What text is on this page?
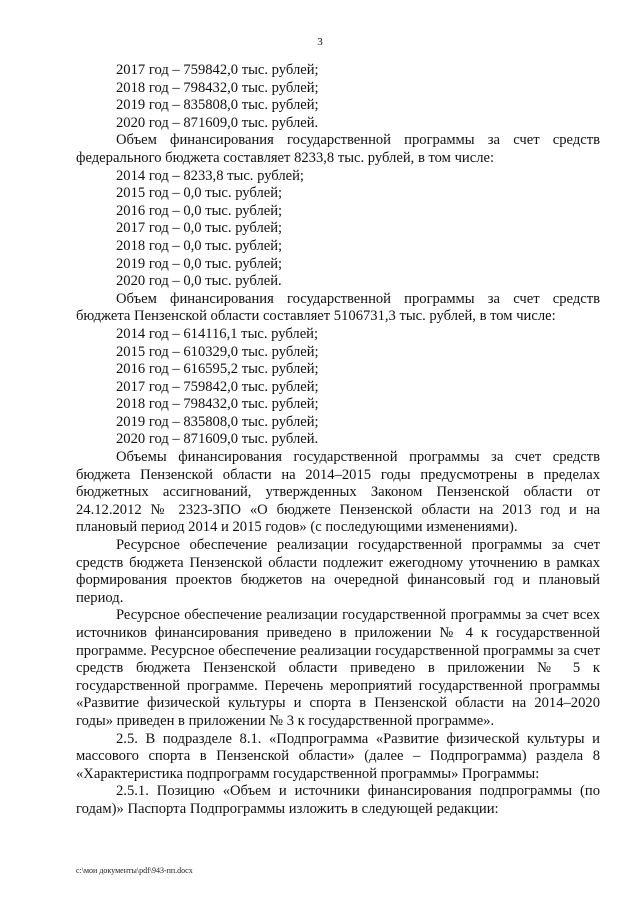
3
2017 год – 759842,0 тыс. рублей;
2018 год – 798432,0 тыс. рублей;
2019 год – 835808,0 тыс. рублей;
2020 год – 871609,0 тыс. рублей.

Объем финансирования государственной программы за счет средств федерального бюджета составляет 8233,8 тыс. рублей, в том числе:

2014 год – 8233,8 тыс. рублей;
2015 год – 0,0 тыс. рублей;
2016 год – 0,0 тыс. рублей;
2017 год – 0,0 тыс. рублей;
2018 год – 0,0 тыс. рублей;
2019 год – 0,0 тыс. рублей;
2020 год – 0,0 тыс. рублей.

Объем финансирования государственной программы за счет средств бюджета Пензенской области составляет 5106731,3 тыс. рублей, в том числе:

2014 год – 614116,1 тыс. рублей;
2015 год – 610329,0 тыс. рублей;
2016 год – 616595,2 тыс. рублей;
2017 год – 759842,0 тыс. рублей;
2018 год – 798432,0 тыс. рублей;
2019 год – 835808,0 тыс. рублей;
2020 год – 871609,0 тыс. рублей.

Объемы финансирования государственной программы за счет средств бюджета Пензенской области на 2014–2015 годы предусмотрены в пределах бюджетных ассигнований, утвержденных Законом Пензенской области от 24.12.2012 № 2323-ЗПО «О бюджете Пензенской области на 2013 год и на плановый период 2014 и 2015 годов» (с последующими изменениями).

Ресурсное обеспечение реализации государственной программы за счет средств бюджета Пензенской области подлежит ежегодному уточнению в рамках формирования проектов бюджетов на очередной финансовый год и плановый период.

Ресурсное обеспечение реализации государственной программы за счет всех источников финансирования приведено в приложении № 4 к государственной программе. Ресурсное обеспечение реализации государственной программы за счет средств бюджета Пензенской области приведено в приложении № 5 к государственной программе. Перечень мероприятий государственной программы «Развитие физической культуры и спорта в Пензенской области на 2014–2020 годы» приведен в приложении № 3 к государственной программе».

2.5. В подразделе 8.1. «Подпрограмма «Развитие физической культуры и массового спорта в Пензенской области» (далее – Подпрограмма) раздела 8 «Характеристика подпрограмм государственной программы» Программы:

2.5.1. Позицию «Объем и источники финансирования подпрограммы (по годам)» Паспорта Подпрограммы изложить в следующей редакции:

c:\мои документы\pdf\943-пп.docx
